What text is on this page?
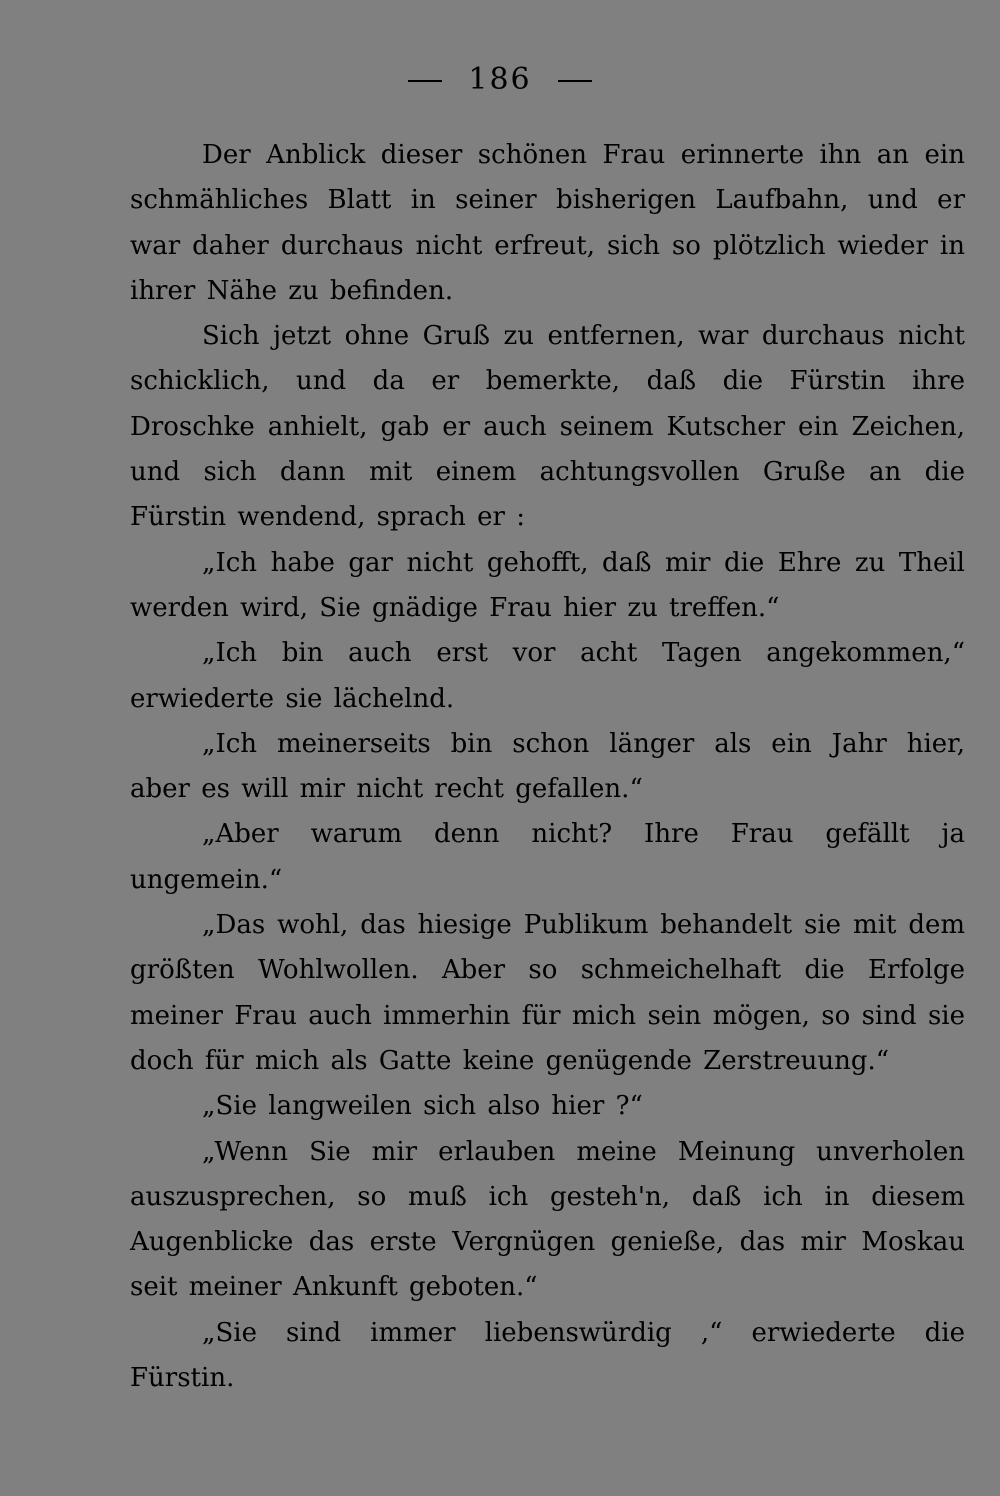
186

Der Anblick dieser schönen Frau erinnerte ihn an ein schmähliches Blatt in seiner bisherigen Laufbahn, und er war daher durchaus nicht erfreut, sich so plötzlich wieder in ihrer Nähe zu befinden.

Sich jetzt ohne Gruß zu entfernen, war durchaus nicht schicklich, und da er bemerkte, daß die Fürstin ihre Droschke anhielt, gab er auch seinem Kutscher ein Zeichen, und sich dann mit einem achtungsvollen Gruße an die Fürstin wendend, sprach er :

„Ich habe gar nicht gehofft, daß mir die Ehre zu Theil werden wird, Sie gnädige Frau hier zu treffen.“

„Ich bin auch erst vor acht Tagen angekommen,“ erwiederte sie lächelnd.

„Ich meinerseits bin schon länger als ein Jahr hier, aber es will mir nicht recht gefallen.“

„Aber warum denn nicht? Ihre Frau gefällt ja ungemein.“

„Das wohl, das hiesige Publikum behandelt sie mit dem größten Wohlwollen. Aber so schmeichelhaft die Erfolge meiner Frau auch immerhin für mich sein mögen, so sind sie doch für mich als Gatte keine genügende Zerstreuung.“

„Sie langweilen sich also hier ?“

„Wenn Sie mir erlauben meine Meinung unverholen auszusprechen, so muß ich gesteh'n, daß ich in diesem Augenblicke das erste Vergnügen genieße, das mir Moskau seit meiner Ankunft geboten.“

„Sie sind immer liebenswürdig ,“ erwiederte die Fürstin.
